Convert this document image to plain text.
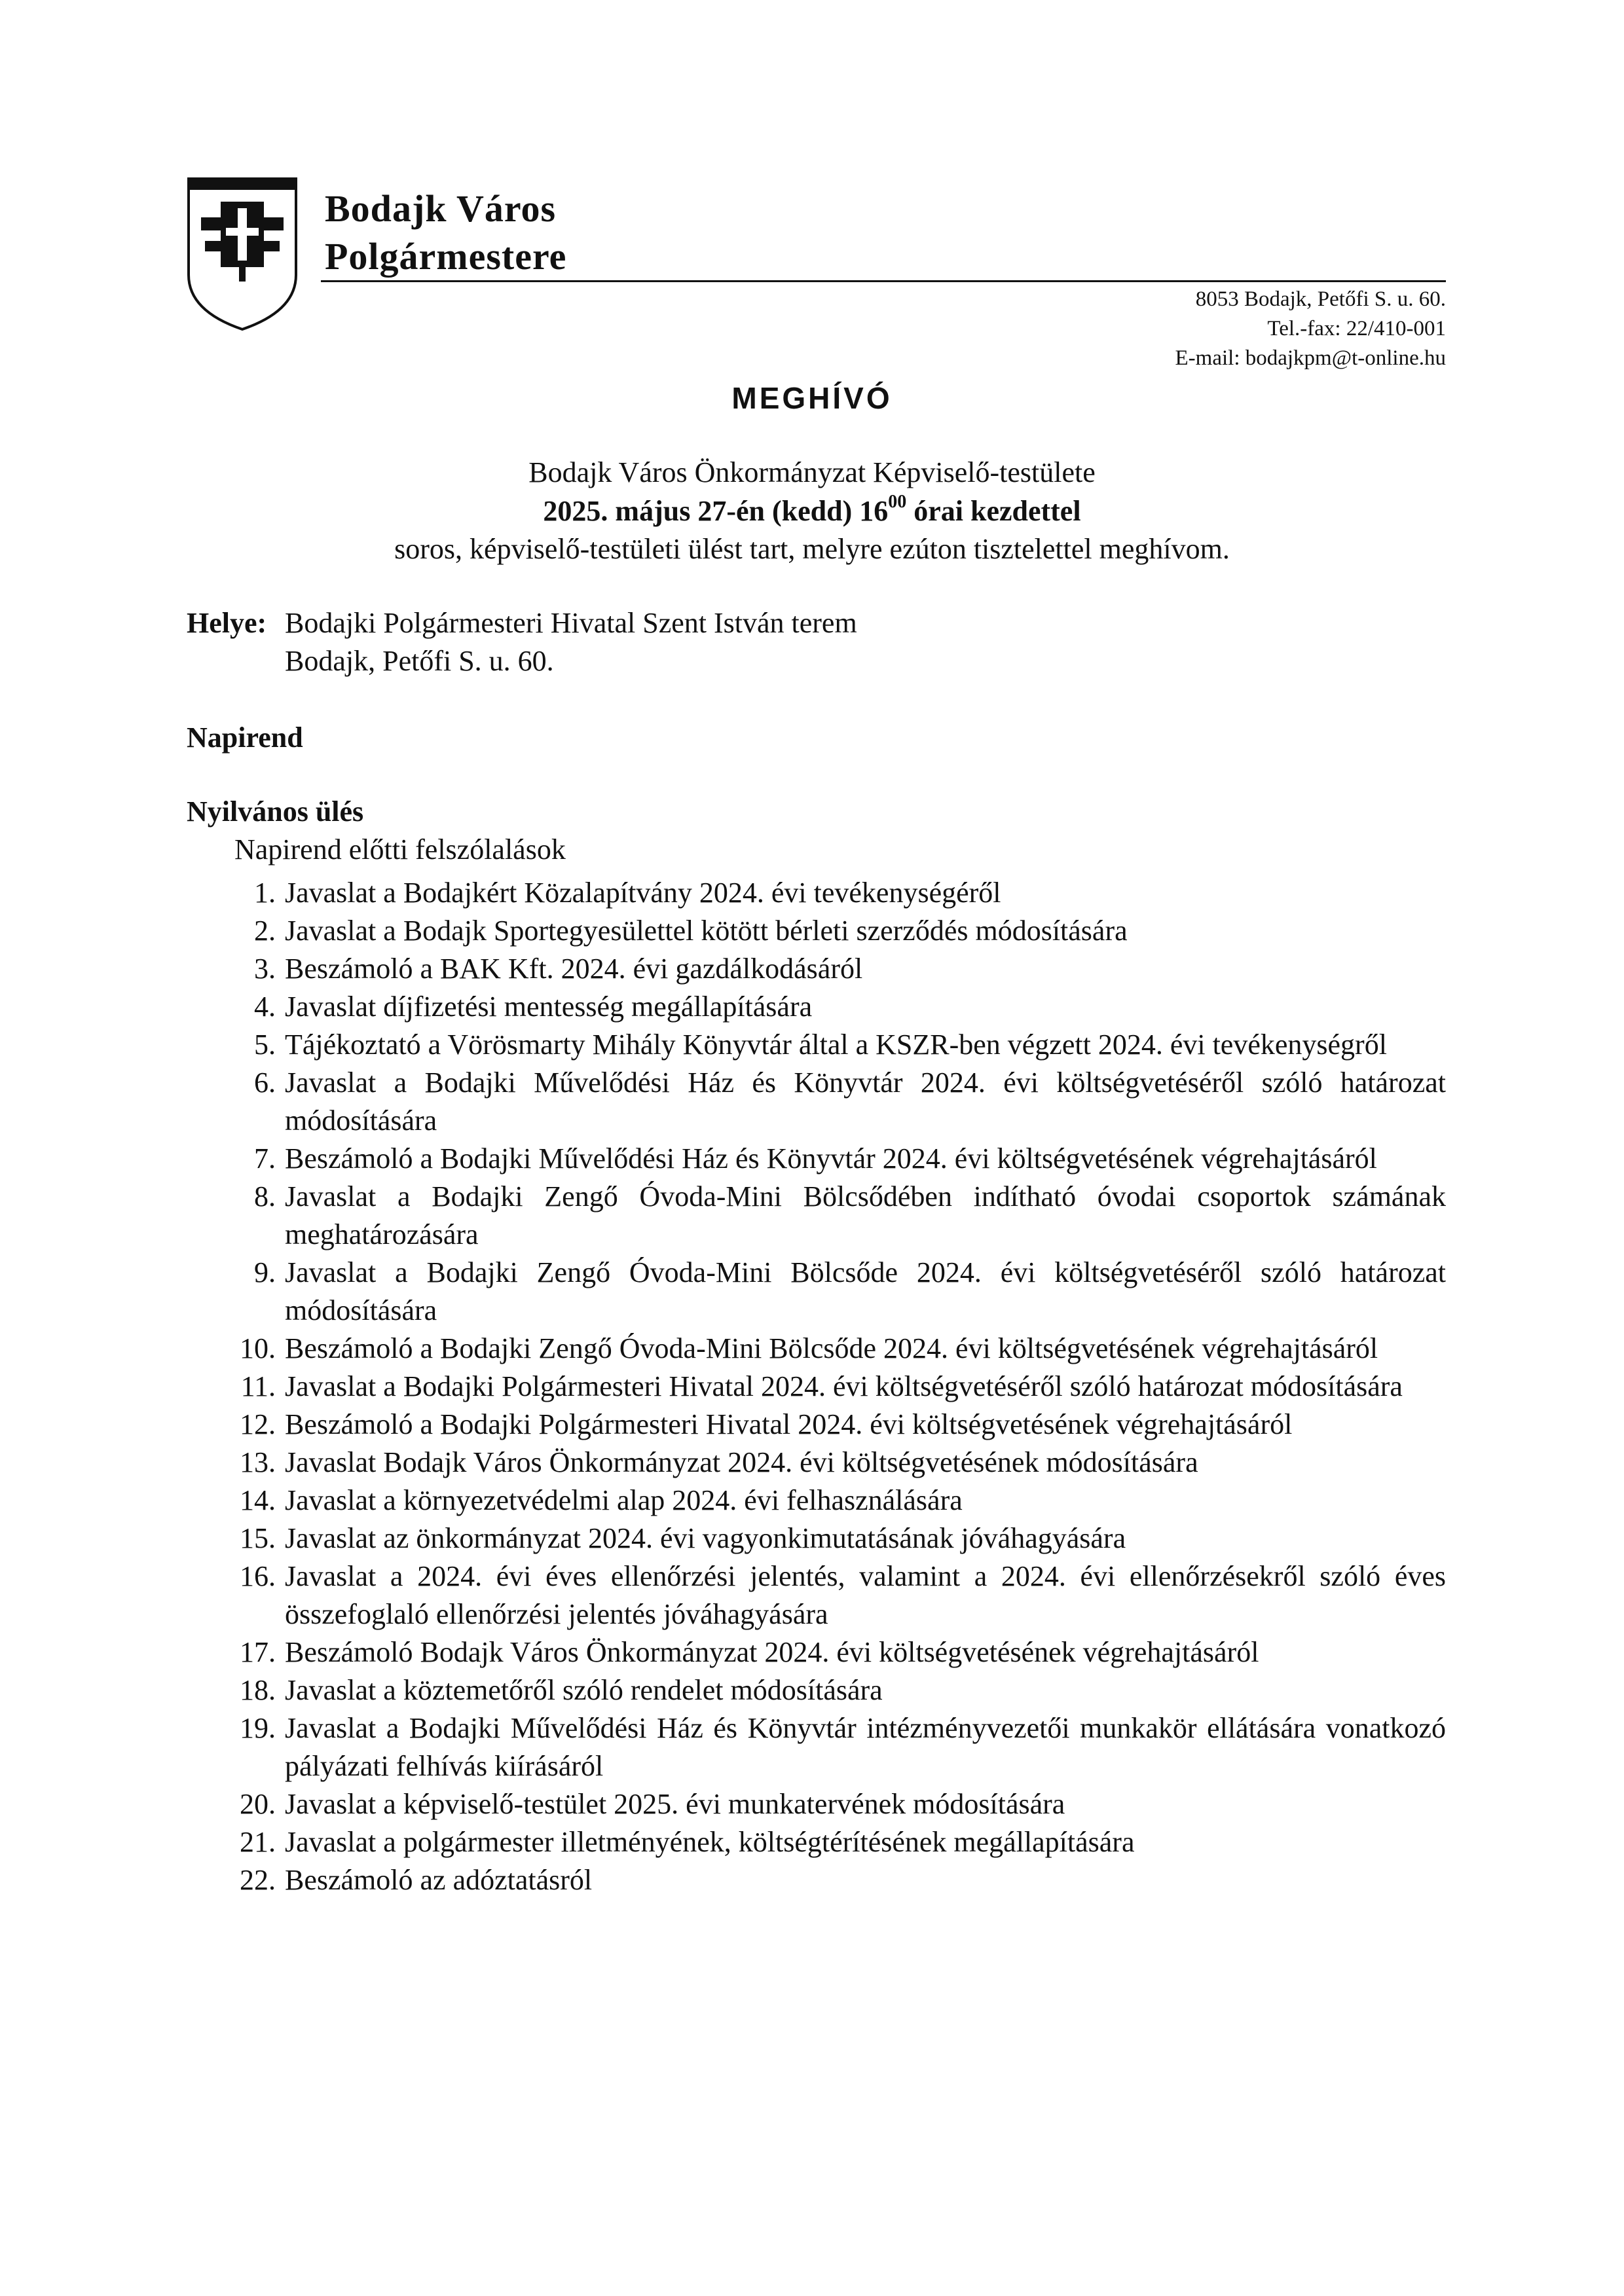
Bodajk Város
Polgármestere
8053 Bodajk, Petőfi S. u. 60.
Tel.-fax: 22/410-001
E-mail: bodajkpm@t-online.hu
MEGHÍVÓ
Bodajk Város Önkormányzat Képviselő-testülete
2025. május 27-én (kedd) $16^{00}$ órai kezdettel
soros, képviselő-testületi ülést tart, melyre ezúton tisztelettel meghívom.
Helye: Bodajki Polgármesteri Hivatal Szent István terem
Bodajk, Petőfi S. u. 60.
Napirend
Nyilvános ülés
Napirend előtti felszólalások
1. Javaslat a Bodajkért Közalapítvány 2024. évi tevékenységéről
2. Javaslat a Bodajk Sportegyesülettel kötött bérleti szerződés módosítására
3. Beszámoló a BAK Kft. 2024. évi gazdálkodásáról
4. Javaslat díjfizetési mentesség megállapítására
5. Tájékoztató a Vörösmarty Mihály Könyvtár által a KSZR-ben végzett 2024. évi tevékenységről
6. Javaslat a Bodajki Művelődési Ház és Könyvtár 2024. évi költségvetéséről szóló határozat módosítására
7. Beszámoló a Bodajki Művelődési Ház és Könyvtár 2024. évi költségvetésének végrehajtásáról
8. Javaslat a Bodajki Zengő Óvoda-Mini Bölcsődében indítható óvodai csoportok számának meghatározására
9. Javaslat a Bodajki Zengő Óvoda-Mini Bölcsőde 2024. évi költségvetéséről szóló határozat módosítására
10. Beszámoló a Bodajki Zengő Óvoda-Mini Bölcsőde 2024. évi költségvetésének végrehajtásáról
11. Javaslat a Bodajki Polgármesteri Hivatal 2024. évi költségvetéséről szóló határozat módosítására
12. Beszámoló a Bodajki Polgármesteri Hivatal 2024. évi költségvetésének végrehajtásáról
13. Javaslat Bodajk Város Önkormányzat 2024. évi költségvetésének módosítására
14. Javaslat a környezetvédelmi alap 2024. évi felhasználására
15. Javaslat az önkormányzat 2024. évi vagyonkimutatásának jóváhagyására
16. Javaslat a 2024. évi éves ellenőrzési jelentés, valamint a 2024. évi ellenőrzésekről szóló éves összefoglaló ellenőrzési jelentés jóváhagyására
17. Beszámoló Bodajk Város Önkormányzat 2024. évi költségvetésének végrehajtásáról
18. Javaslat a köztemetőről szóló rendelet módosítására
19. Javaslat a Bodajki Művelődési Ház és Könyvtár intézményvezetői munkakör ellátására vonatkozó pályázati felhívás kiírásáról
20. Javaslat a képviselő-testület 2025. évi munkatervének módosítására
21. Javaslat a polgármester illetményének, költségtérítésének megállapítására
22. Beszámoló az adóztatásról
